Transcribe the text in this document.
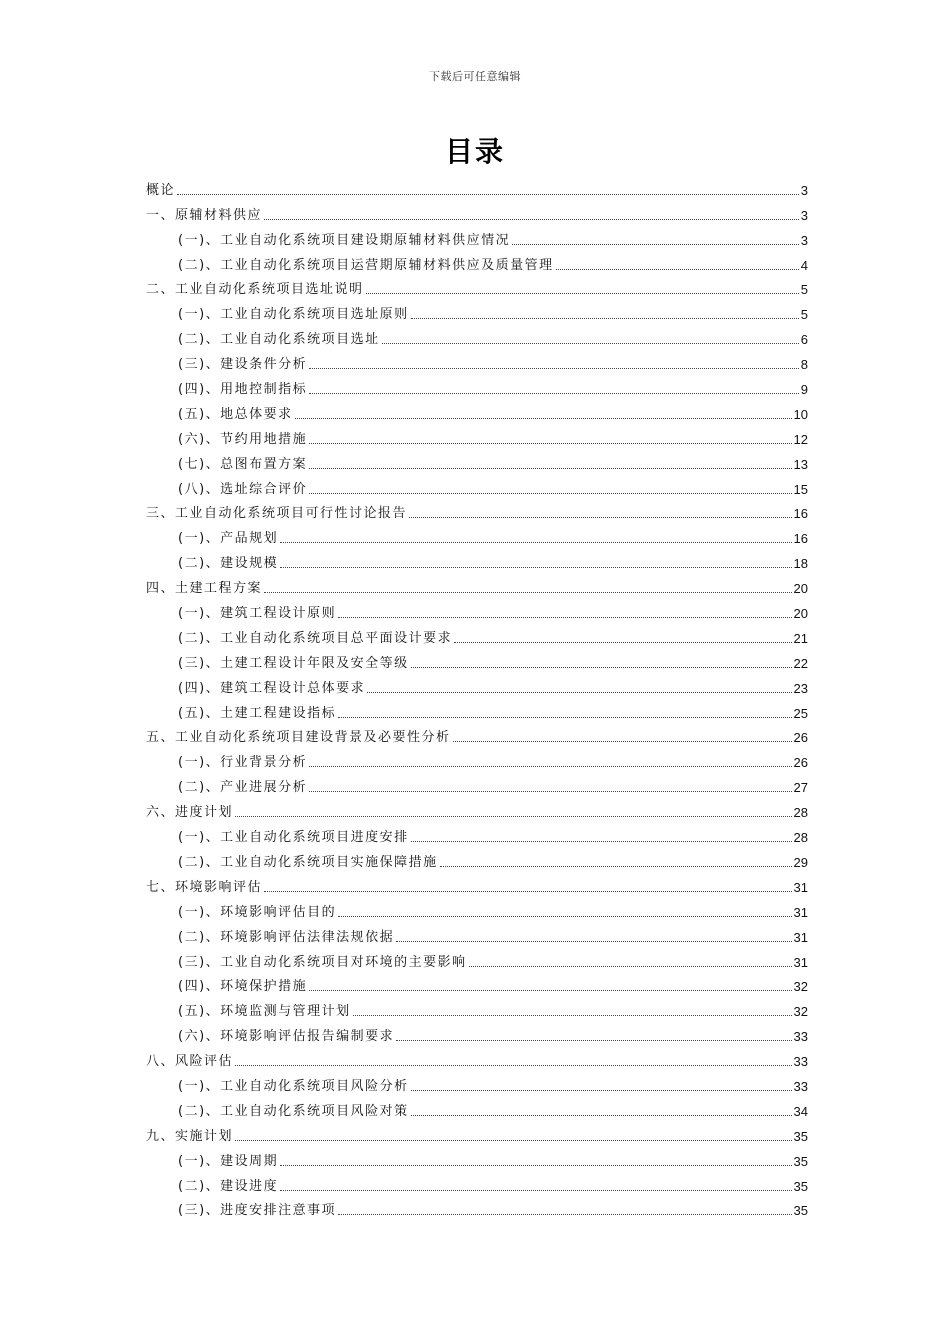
下载后可任意编辑
目录
概论	3
一、原辅材料供应	3
(一)、工业自动化系统项目建设期原辅材料供应情况	3
(二)、工业自动化系统项目运营期原辅材料供应及质量管理	4
二、工业自动化系统项目选址说明	5
(一)、工业自动化系统项目选址原则	5
(二)、工业自动化系统项目选址	6
(三)、建设条件分析	8
(四)、用地控制指标	9
(五)、地总体要求	10
(六)、节约用地措施	12
(七)、总图布置方案	13
(八)、选址综合评价	15
三、工业自动化系统项目可行性讨论报告	16
(一)、产品规划	16
(二)、建设规模	18
四、土建工程方案	20
(一)、建筑工程设计原则	20
(二)、工业自动化系统项目总平面设计要求	21
(三)、土建工程设计年限及安全等级	22
(四)、建筑工程设计总体要求	23
(五)、土建工程建设指标	25
五、工业自动化系统项目建设背景及必要性分析	26
(一)、行业背景分析	26
(二)、产业进展分析	27
六、进度计划	28
(一)、工业自动化系统项目进度安排	28
(二)、工业自动化系统项目实施保障措施	29
七、环境影响评估	31
(一)、环境影响评估目的	31
(二)、环境影响评估法律法规依据	31
(三)、工业自动化系统项目对环境的主要影响	31
(四)、环境保护措施	32
(五)、环境监测与管理计划	32
(六)、环境影响评估报告编制要求	33
八、风险评估	33
(一)、工业自动化系统项目风险分析	33
(二)、工业自动化系统项目风险对策	34
九、实施计划	35
(一)、建设周期	35
(二)、建设进度	35
(三)、进度安排注意事项	35
